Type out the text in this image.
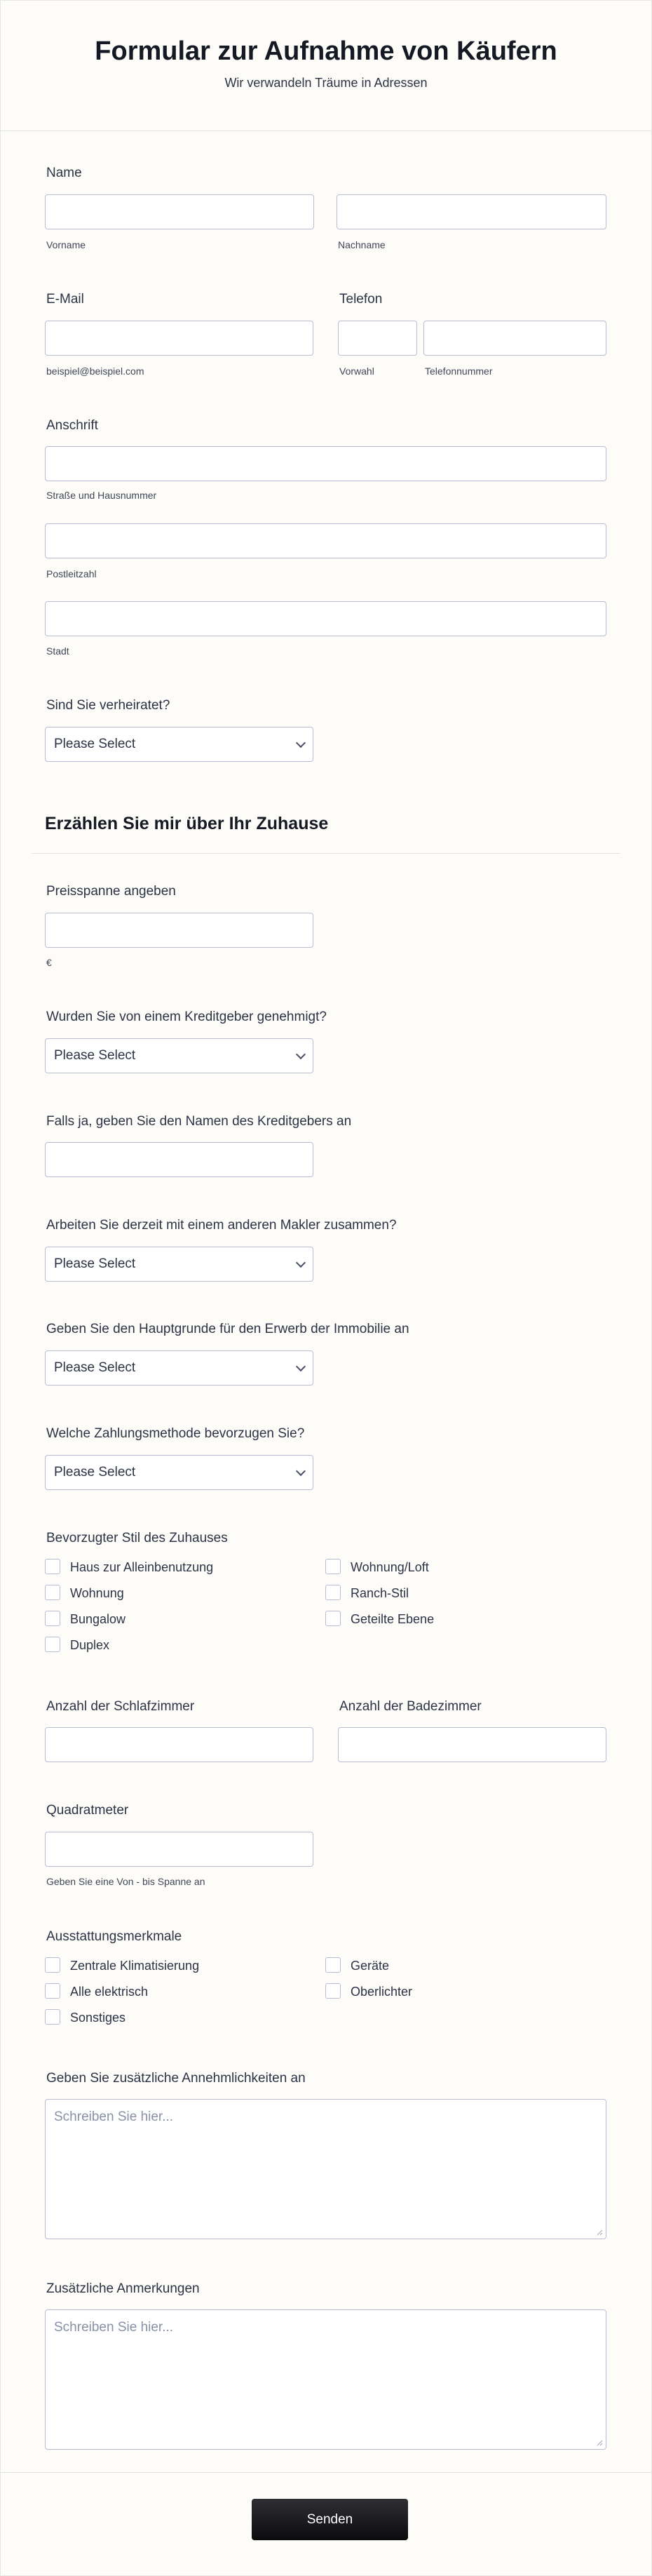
Formular zur Aufnahme von Käufern
Wir verwandeln Träume in Adressen
Name
Vorname	Nachname
E-Mail	Telefon
beispiel@beispiel.com	Vorwahl	Telefonnummer
Anschrift
Straße und Hausnummer
Postleitzahl
Stadt
Sind Sie verheiratet?
Please Select
Erzählen Sie mir über Ihr Zuhause
Preisspanne angeben
€
Wurden Sie von einem Kreditgeber genehmigt?
Please Select
Falls ja, geben Sie den Namen des Kreditgebers an
Arbeiten Sie derzeit mit einem anderen Makler zusammen?
Please Select
Geben Sie den Hauptgrunde für den Erwerb der Immobilie an
Please Select
Welche Zahlungsmethode bevorzugen Sie?
Please Select
Bevorzugter Stil des Zuhauses
Haus zur Alleinbenutzung	Wohnung/Loft
Wohnung	Ranch-Stil
Bungalow	Geteilte Ebene
Duplex
Anzahl der Schlafzimmer	Anzahl der Badezimmer
Quadratmeter
Geben Sie eine Von - bis Spanne an
Ausstattungsmerkmale
Zentrale Klimatisierung	Geräte
Alle elektrisch	Oberlichter
Sonstiges
Geben Sie zusätzliche Annehmlichkeiten an
Schreiben Sie hier...
Zusätzliche Anmerkungen
Schreiben Sie hier...
Senden
